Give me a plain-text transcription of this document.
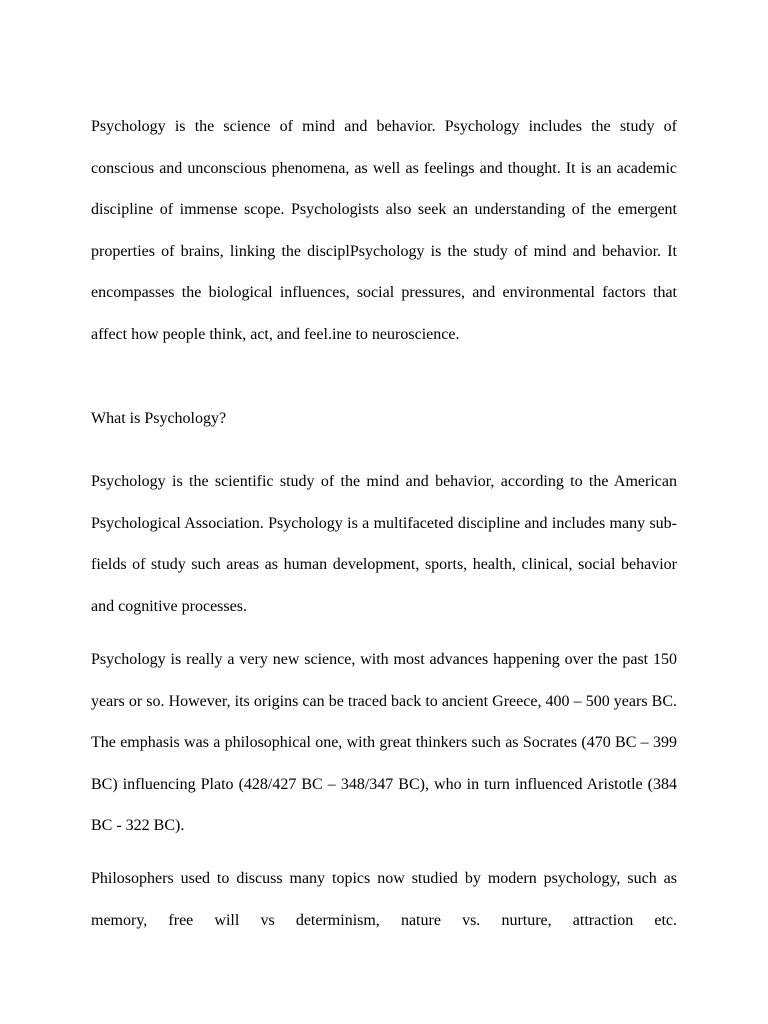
Psychology is the science of mind and behavior. Psychology includes the study of conscious and unconscious phenomena, as well as feelings and thought. It is an academic discipline of immense scope. Psychologists also seek an understanding of the emergent properties of brains, linking the disciplPsychology is the study of mind and behavior. It encompasses the biological influences, social pressures, and environmental factors that affect how people think, act, and feel.ine to neuroscience.

What is Psychology?

Psychology is the scientific study of the mind and behavior, according to the American Psychological Association. Psychology is a multifaceted discipline and includes many sub-fields of study such areas as human development, sports, health, clinical, social behavior and cognitive processes.

Psychology is really a very new science, with most advances happening over the past 150 years or so. However, its origins can be traced back to ancient Greece, 400 – 500 years BC. The emphasis was a philosophical one, with great thinkers such as Socrates (470 BC – 399 BC) influencing Plato (428/427 BC – 348/347 BC), who in turn influenced Aristotle (384 BC - 322 BC).

Philosophers used to discuss many topics now studied by modern psychology, such as memory, free will vs determinism, nature vs. nurture, attraction etc.
